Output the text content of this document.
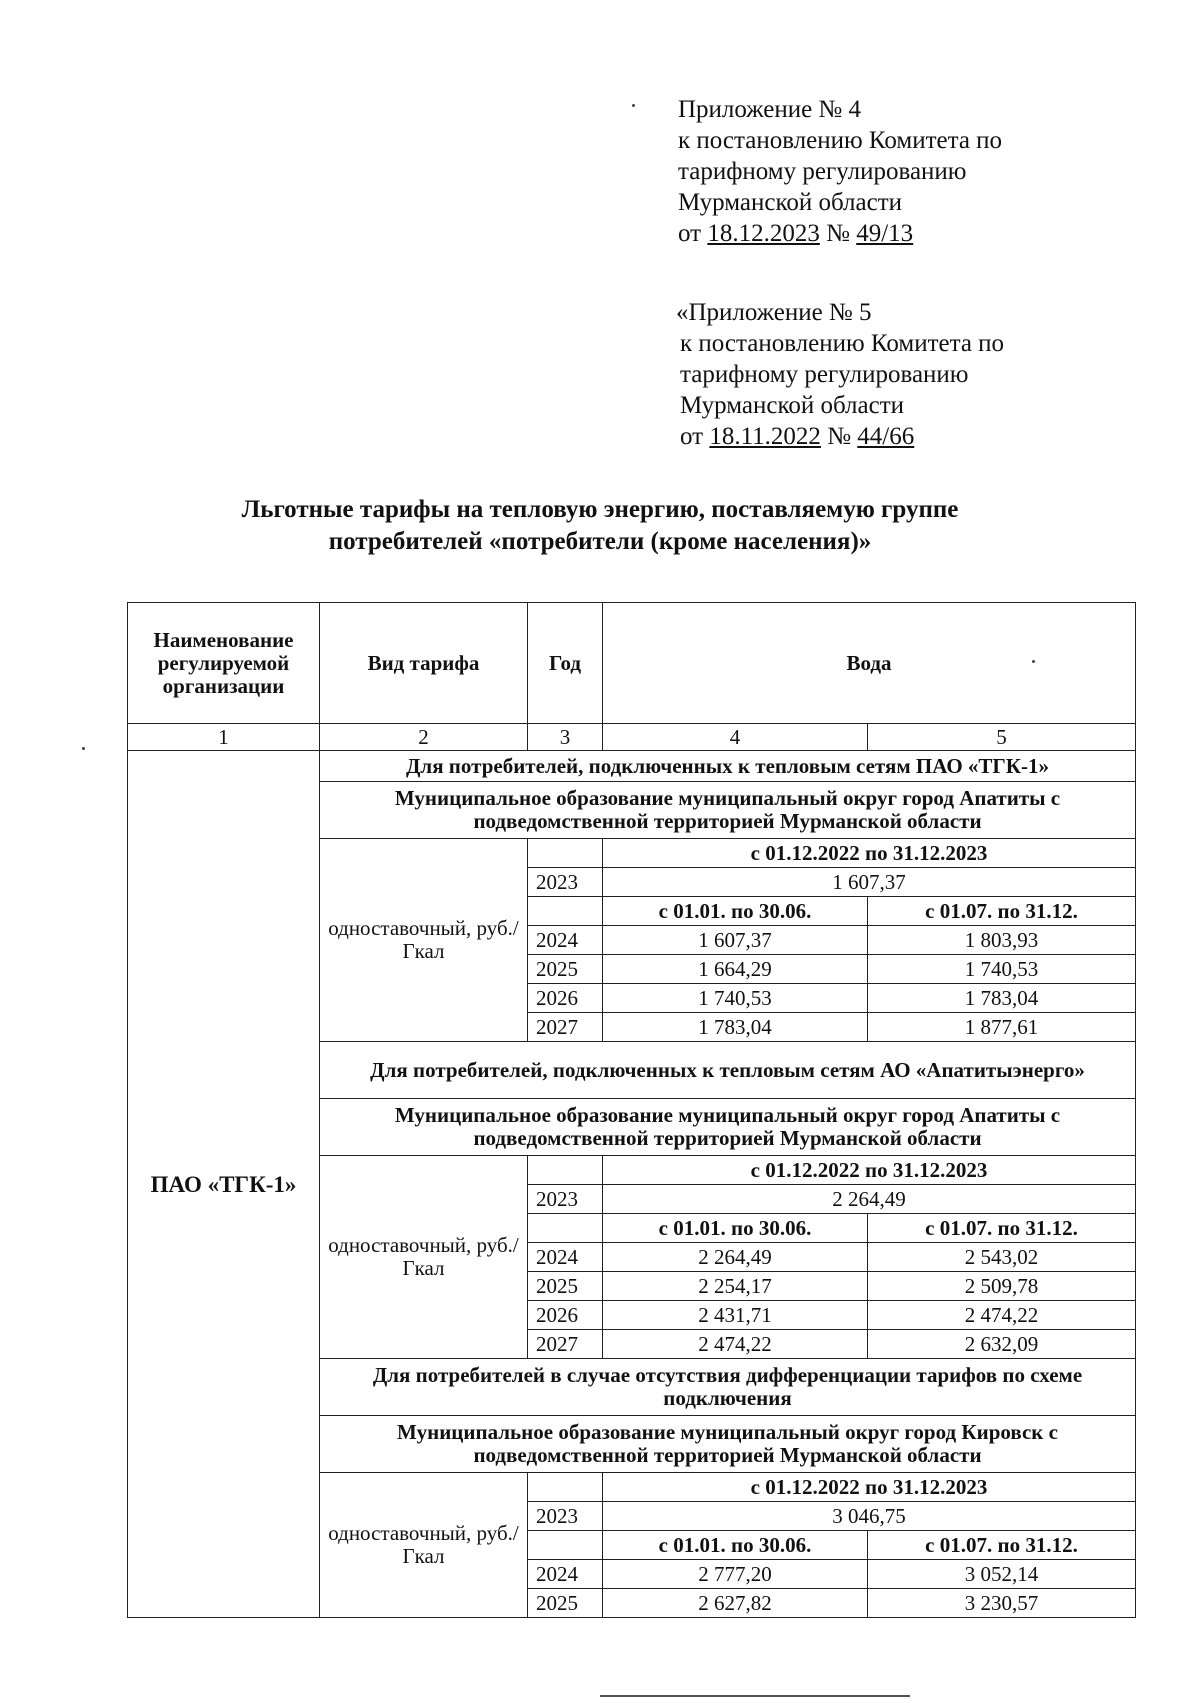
Приложение № 4
к постановлению Комитета по
тарифному регулированию
Мурманской области
от 18.12.2023 № 49/13
«Приложение № 5
к постановлению Комитета по
тарифному регулированию
Мурманской области
от 18.11.2022 № 44/66
Льготные тарифы на тепловую энергию, поставляемую группе
потребителей «потребители (кроме населения)»
Наименование регулируемой организации	Вид тарифа	Год	Вода	
1	2	3	4	5
ПАО «ТГК-1»	Для потребителей, подключенных к тепловым сетям ПАО «ТГК-1»			
	Муниципальное образование муниципальный округ город Апатиты с подведомственной территорией Мурманской области			
	одноставочный, руб./Гкал		с 01.12.2022 по 31.12.2023	
		2023	1 607,37	
			с 01.01. по 30.06.	с 01.07. по 31.12.
		2024	1 607,37	1 803,93
		2025	1 664,29	1 740,53
		2026	1 740,53	1 783,04
		2027	1 783,04	1 877,61
	Для потребителей, подключенных к тепловым сетям АО «Апатитыэнерго»			
	Муниципальное образование муниципальный округ город Апатиты с подведомственной территорией Мурманской области			
	одноставочный, руб./Гкал		с 01.12.2022 по 31.12.2023	
		2023	2 264,49	
			с 01.01. по 30.06.	с 01.07. по 31.12.
		2024	2 264,49	2 543,02
		2025	2 254,17	2 509,78
		2026	2 431,71	2 474,22
		2027	2 474,22	2 632,09
	Для потребителей в случае отсутствия дифференциации тарифов по схеме подключения			
	Муниципальное образование муниципальный округ город Кировск с подведомственной территорией Мурманской области			
	одноставочный, руб./Гкал		с 01.12.2022 по 31.12.2023	
		2023	3 046,75	
			с 01.01. по 30.06.	с 01.07. по 31.12.
		2024	2 777,20	3 052,14
		2025	2 627,82	3 230,57
